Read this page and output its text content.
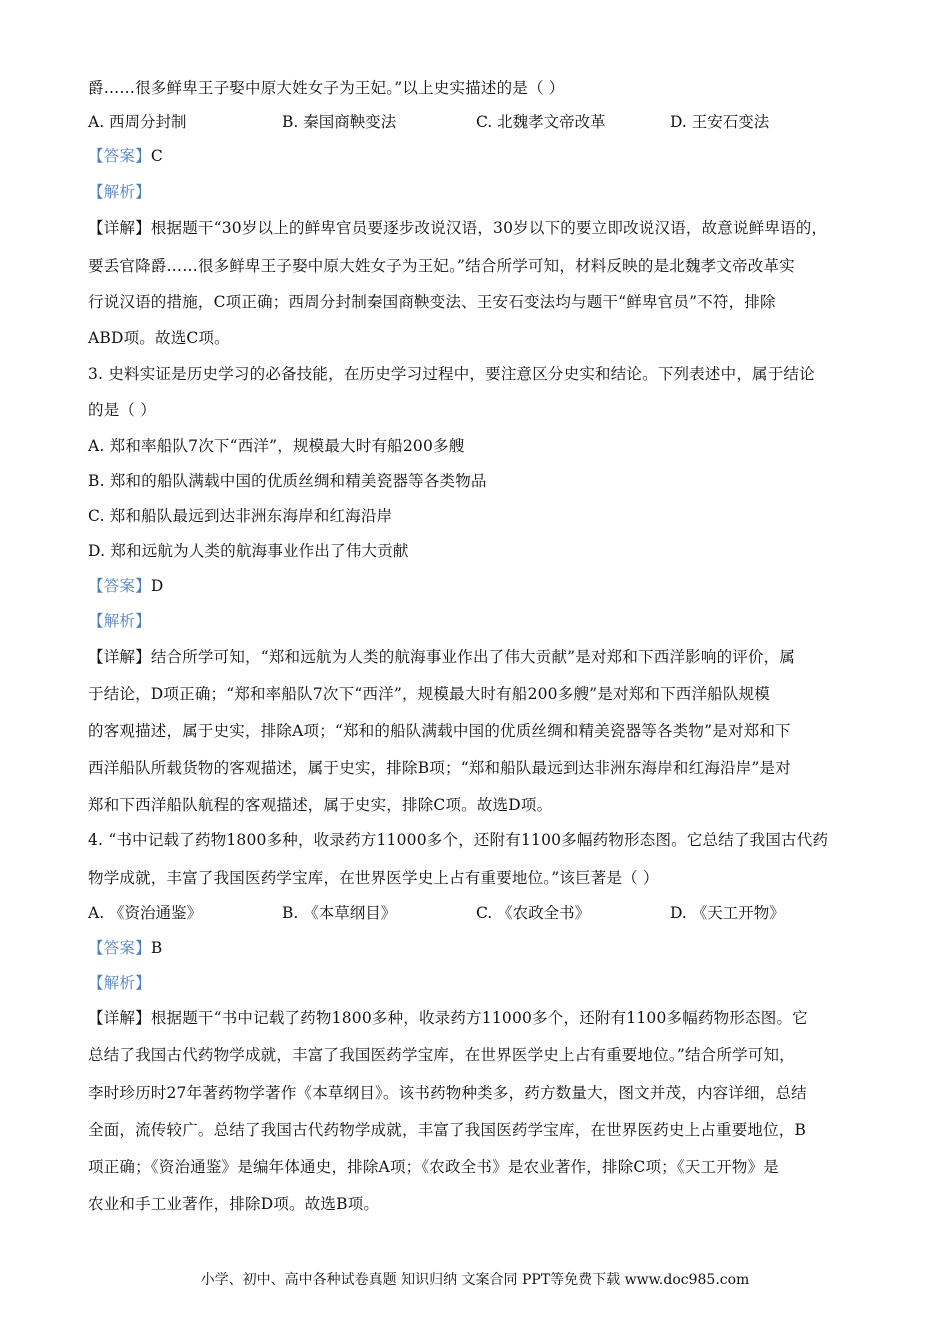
爵……很多鲜卑王子娶中原大姓女子为王妃。”以上史实描述的是（ ）
A. 西周分封制	B. 秦国商鞅变法	C. 北魏孝文帝改革	D. 王安石变法
【答案】C
【解析】
【详解】根据题干“30岁以上的鲜卑官员要逐步改说汉语，30岁以下的要立即改说汉语，故意说鲜卑语的，
要丢官降爵……很多鲜卑王子娶中原大姓女子为王妃。”结合所学可知，材料反映的是北魏孝文帝改革实
行说汉语的措施，C项正确；西周分封制秦国商鞅变法、王安石变法均与题干“鲜卑官员”不符，排除
ABD项。故选C项。
3. 史料实证是历史学习的必备技能，在历史学习过程中，要注意区分史实和结论。下列表述中，属于结论
的是（ ）
A. 郑和率船队7次下“西洋”，规模最大时有船200多艘
B. 郑和的船队满载中国的优质丝绸和精美瓷器等各类物品
C. 郑和船队最远到达非洲东海岸和红海沿岸
D. 郑和远航为人类的航海事业作出了伟大贡献
【答案】D
【解析】
【详解】结合所学可知，“郑和远航为人类的航海事业作出了伟大贡献”是对郑和下西洋影响的评价，属
于结论，D项正确；“郑和率船队7次下“西洋”，规模最大时有船200多艘”是对郑和下西洋船队规模
的客观描述，属于史实，排除A项；“郑和的船队满载中国的优质丝绸和精美瓷器等各类物”是对郑和下
西洋船队所载货物的客观描述，属于史实，排除B项；“郑和船队最远到达非洲东海岸和红海沿岸”是对
郑和下西洋船队航程的客观描述，属于史实，排除C项。故选D项。
4. “书中记载了药物1800多种，收录药方11000多个，还附有1100多幅药物形态图。它总结了我国古代药
物学成就，丰富了我国医药学宝库，在世界医学史上占有重要地位。”该巨著是（ ）
A. 《资治通鉴》	B. 《本草纲目》	C. 《农政全书》	D. 《天工开物》
【答案】B
【解析】
【详解】根据题干“书中记载了药物1800多种，收录药方11000多个，还附有1100多幅药物形态图。它
总结了我国古代药物学成就，丰富了我国医药学宝库，在世界医学史上占有重要地位。”结合所学可知，
李时珍历时27年著药物学著作《本草纲目》。该书药物种类多，药方数量大，图文并茂，内容详细，总结
全面，流传较广。总结了我国古代药物学成就，丰富了我国医药学宝库，在世界医药史上占重要地位，B
项正确；《资治通鉴》是编年体通史，排除A项；《农政全书》是农业著作，排除C项；《天工开物》是
农业和手工业著作，排除D项。故选B项。
小学、初中、高中各种试卷真题 知识归纳 文案合同 PPT等免费下载 www.doc985.com
